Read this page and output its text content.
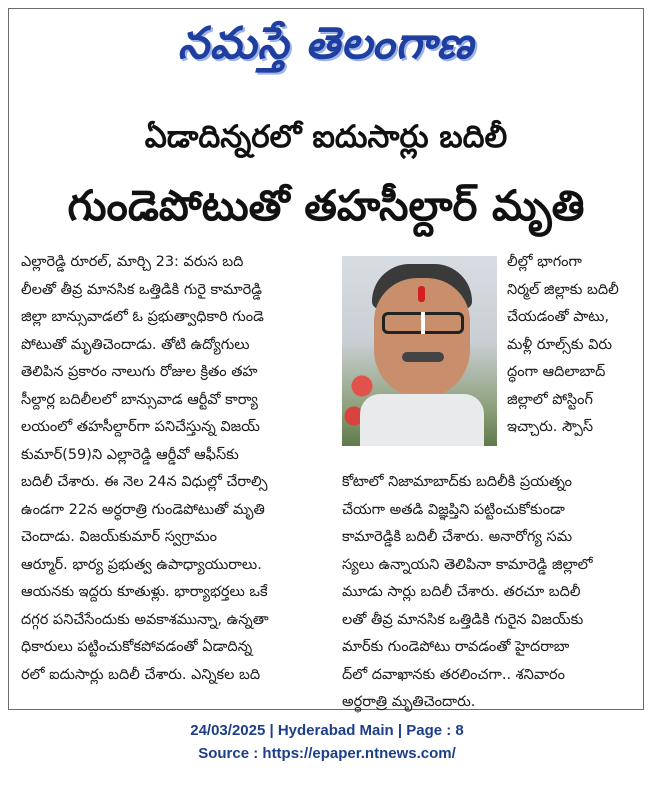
నమస్తే తెలంగాణ
ఏడాదిన్నరలో ఐదుసార్లు బదిలీ
గుండెపోటుతో తహసీల్దార్ మృతి
ఎల్లారెడ్డి రూరల్, మార్చి 23: వరుస బది
లీలతో తీవ్ర మానసిక ఒత్తిడికి గురై కామారెడ్డి
జిల్లా బాన్సువాడలో ఓ ప్రభుత్వాధికారి గుండె
పోటుతో మృతిచెందాడు. తోటి ఉద్యోగులు
తెలిపిన ప్రకారం నాలుగు రోజుల క్రితం తహ
సీల్దార్ల బదిలీలలో బాన్సువాడ ఆర్టీవో కార్యా
లయంలో తహసీల్దార్‌గా పనిచేస్తున్న విజయ్
కుమార్(59)ని ఎల్లారెడ్డి ఆర్డీవో ఆఫీస్‌కు
బదిలీ చేశారు. ఈ నెల 24న విధుల్లో చేరాల్సి
ఉండగా 22న అర్ధరాత్రి గుండెపోటుతో మృతి
చెందాడు. విజయ్‌కుమార్ స్వగ్రామం
ఆర్మూర్. భార్య ప్రభుత్వ ఉపాధ్యాయురాలు.
ఆయనకు ఇద్దరు కూతుళ్లు. భార్యాభర్తలు ఒకే
దగ్గర పనిచేసేందుకు అవకాశమున్నా, ఉన్నతా
ధికారులు పట్టించుకోకపోవడంతో ఏడాదిన్న
రలో ఐదుసార్లు బదిలీ చేశారు. ఎన్నికల బది
లీల్లో భాగంగా
నిర్మల్ జిల్లాకు బదిలీ
చేయడంతో పాటు,
మళ్లీ రూల్స్‌కు విరు
ద్ధంగా ఆదిలాబాద్
జిల్లాలో పోస్టింగ్
ఇచ్చారు. స్పౌస్
కోటాలో నిజామాబాద్‌కు బదిలీకి ప్రయత్నం
చేయగా అతడి విజ్ఞప్తిని పట్టించుకోకుండా
కామారెడ్డికి బదిలీ చేశారు. అనారోగ్య సమ
స్యలు ఉన్నాయని తెలిపినా కామారెడ్డి జిల్లాలో
మూడు సార్లు బదిలీ చేశారు. తరచూ బదిలీ
లతో తీవ్ర మానసిక ఒత్తిడికి గురైన విజయ్‌కు
మార్‌కు గుండెపోటు రావడంతో హైదరాబా
ద్‌లో దవాఖానకు తరలించగా.. శనివారం
అర్ధరాత్రి మృతిచెందారు.
24/03/2025 | Hyderabad Main | Page : 8
Source : https://epaper.ntnews.com/
